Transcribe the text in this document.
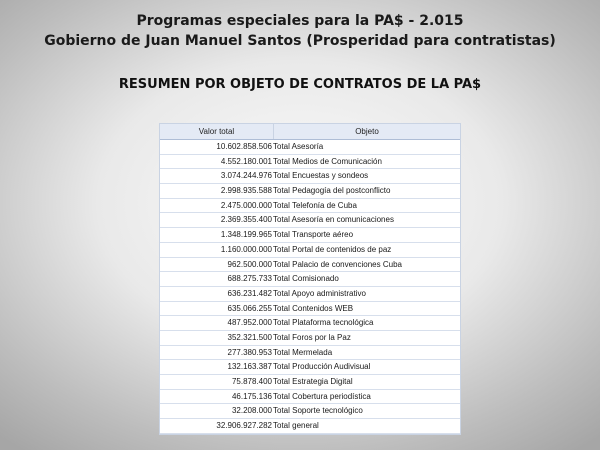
Programas especiales para la PA$ - 2.015
Gobierno de Juan Manuel Santos (Prosperidad para contratistas)
RESUMEN POR OBJETO DE CONTRATOS DE LA PA$
Valor total	Objeto
10.602.858.506 Total Asesoría
4.552.180.001 Total Medios de Comunicación
3.074.244.976 Total Encuestas y sondeos
2.998.935.588 Total Pedagogía del postconflicto
2.475.000.000 Total Telefonía de Cuba
2.369.355.400 Total Asesoría en comunicaciones
1.348.199.965 Total Transporte aéreo
1.160.000.000 Total Portal de contenidos de paz
962.500.000 Total Palacio de convenciones Cuba
688.275.733 Total Comisionado
636.231.482 Total Apoyo administrativo
635.066.255 Total Contenidos WEB
487.952.000 Total Plataforma tecnológica
352.321.500 Total Foros por la Paz
277.380.953 Total Mermelada
132.163.387 Total Producción Audivisual
75.878.400 Total Estrategia Digital
46.175.136 Total Cobertura periodística
32.208.000 Total Soporte tecnológico
32.906.927.282 Total general
